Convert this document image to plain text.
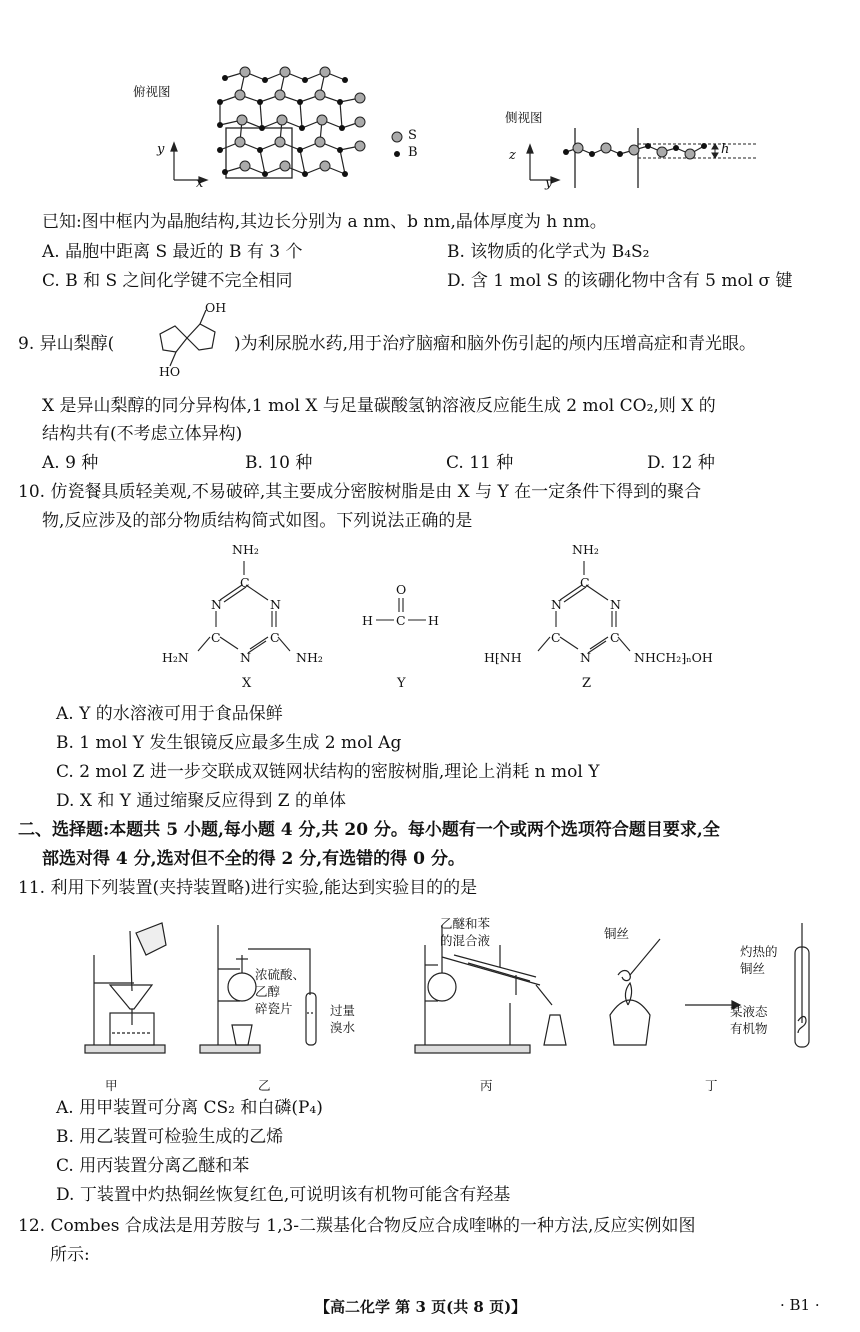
俯视图
y
x
S
B
侧视图
z
y
h
已知:图中框内为晶胞结构,其边长分别为 a nm、b nm,晶体厚度为 h nm。
A. 晶胞中距离 S 最近的 B 有 3 个	B. 该物质的化学式为 B₄S₂
C. B 和 S 之间化学键不完全相同	D. 含 1 mol S 的该硼化物中含有 5 mol σ 键
9. 异山梨醇(
OH
HO
)为利尿脱水药,用于治疗脑瘤和脑外伤引起的颅内压增高症和青光眼。
X 是异山梨醇的同分异构体,1 mol X 与足量碳酸氢钠溶液反应能生成 2 mol CO₂,则 X 的
结构共有(不考虑立体异构)
A. 9 种	B. 10 种	C. 11 种	D. 12 种
10. 仿瓷餐具质轻美观,不易破碎,其主要成分密胺树脂是由 X 与 Y 在一定条件下得到的聚合
物,反应涉及的部分物质结构简式如图。下列说法正确的是
NH₂
C
N	N
C	C
N
H₂N	NH₂
X
O
H C H
Y
NH₂
C
N	N
C	C
N
H⁅NH	NHCH₂⁆ₙOH
Z
A. Y 的水溶液可用于食品保鲜
B. 1 mol Y 发生银镜反应最多生成 2 mol Ag
C. 2 mol Z 进一步交联成双链网状结构的密胺树脂,理论上消耗 n mol Y
D. X 和 Y 通过缩聚反应得到 Z 的单体
二、选择题:本题共 5 小题,每小题 4 分,共 20 分。每小题有一个或两个选项符合题目要求,全
部选对得 4 分,选对但不全的得 2 分,有选错的得 0 分。
11. 利用下列装置(夹持装置略)进行实验,能达到实验目的的是
甲	乙	丙	丁
浓硫酸、
乙醇
碎瓷片	过量
溴水
乙醚和苯
的混合液	铜丝
灼热的
铜丝
某液态
有机物
A. 用甲装置可分离 CS₂ 和白磷(P₄)
B. 用乙装置可检验生成的乙烯
C. 用丙装置分离乙醚和苯
D. 丁装置中灼热铜丝恢复红色,可说明该有机物可能含有羟基
12. Combes 合成法是用芳胺与 1,3-二羰基化合物反应合成喹啉的一种方法,反应实例如图
所示:
【高二化学 第 3 页(共 8 页)】	· B1 ·
